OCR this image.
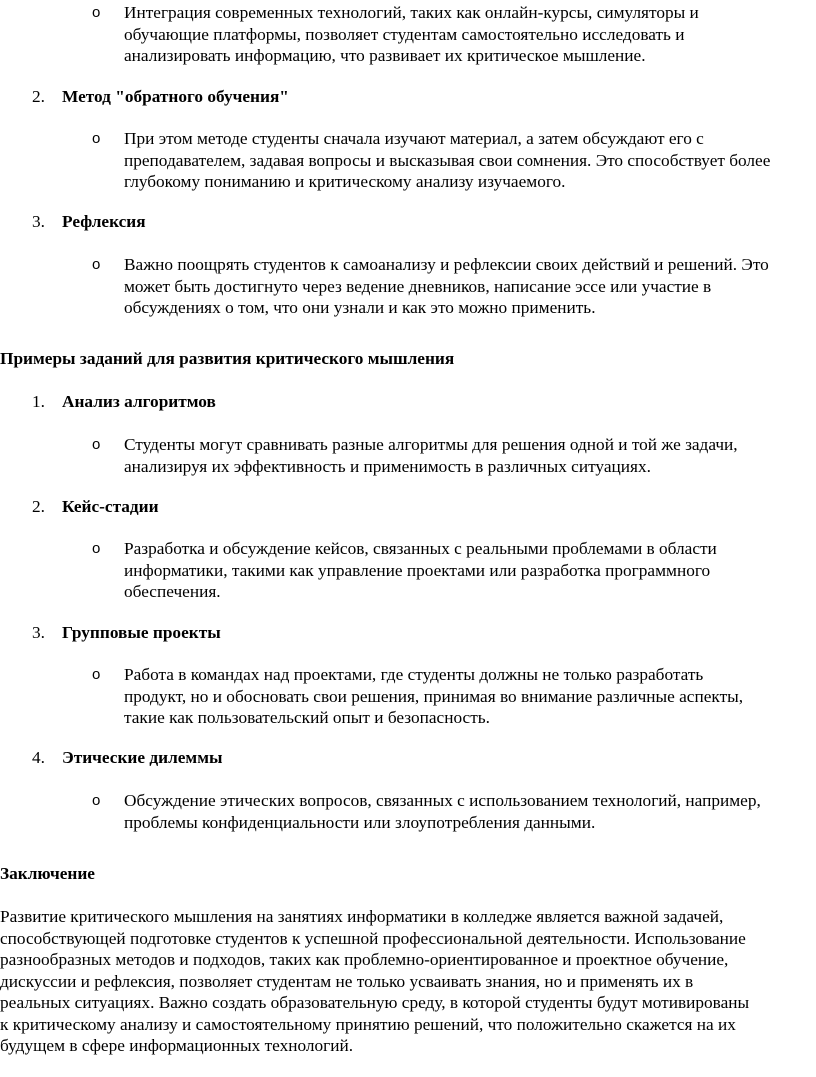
o Интеграция современных технологий, таких как онлайн-курсы, симуляторы и
обучающие платформы, позволяет студентам самостоятельно исследовать и
анализировать информацию, что развивает их критическое мышление.
2. Метод "обратного обучения"
o При этом методе студенты сначала изучают материал, а затем обсуждают его с
преподавателем, задавая вопросы и высказывая свои сомнения. Это способствует более
глубокому пониманию и критическому анализу изучаемого.
3. Рефлексия
o Важно поощрять студентов к самоанализу и рефлексии своих действий и решений. Это
может быть достигнуто через ведение дневников, написание эссе или участие в
обсуждениях о том, что они узнали и как это можно применить.
Примеры заданий для развития критического мышления
1. Анализ алгоритмов
o Студенты могут сравнивать разные алгоритмы для решения одной и той же задачи,
анализируя их эффективность и применимость в различных ситуациях.
2. Кейс-стадии
o Разработка и обсуждение кейсов, связанных с реальными проблемами в области
информатики, такими как управление проектами или разработка программного
обеспечения.
3. Групповые проекты
o Работа в командах над проектами, где студенты должны не только разработать
продукт, но и обосновать свои решения, принимая во внимание различные аспекты,
такие как пользовательский опыт и безопасность.
4. Этические дилеммы
o Обсуждение этических вопросов, связанных с использованием технологий, например,
проблемы конфиденциальности или злоупотребления данными.
Заключение
Развитие критического мышления на занятиях информатики в колледже является важной задачей,
способствующей подготовке студентов к успешной профессиональной деятельности. Использование
разнообразных методов и подходов, таких как проблемно-ориентированное и проектное обучение,
дискуссии и рефлексия, позволяет студентам не только усваивать знания, но и применять их в
реальных ситуациях. Важно создать образовательную среду, в которой студенты будут мотивированы
к критическому анализу и самостоятельному принятию решений, что положительно скажется на их
будущем в сфере информационных технологий.
